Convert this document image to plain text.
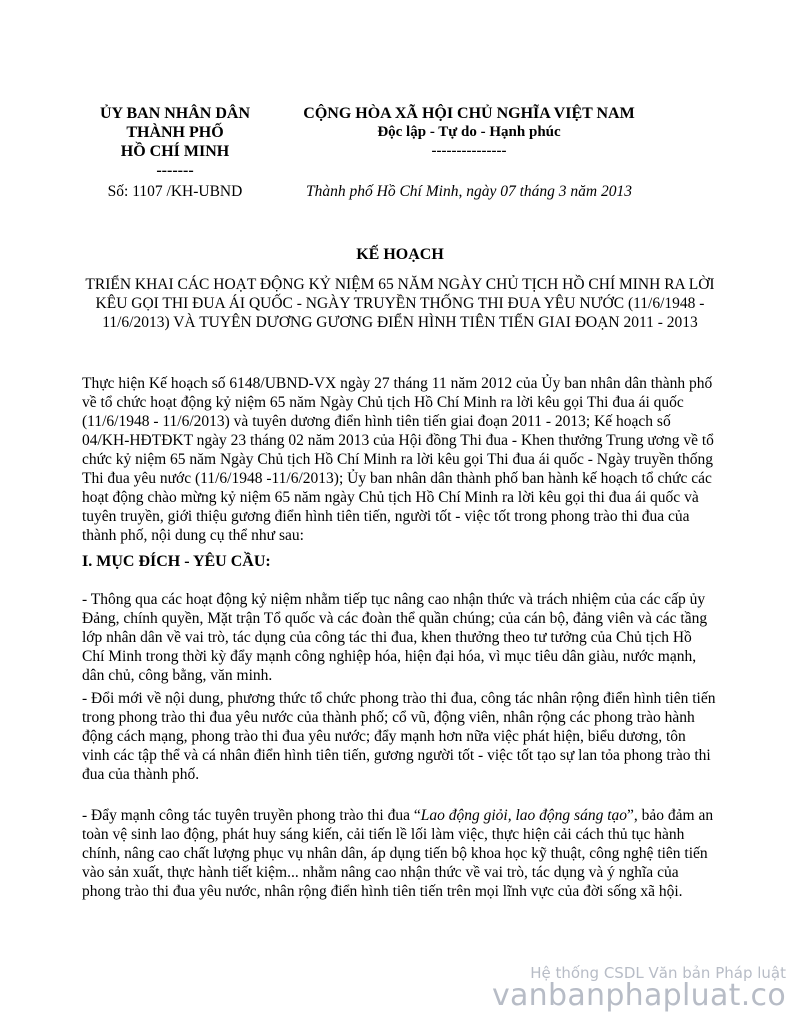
ỦY BAN NHÂN DÂN
THÀNH PHỐ
HỒ CHÍ MINH
-------
CỘNG HÒA XÃ HỘI CHỦ NGHĨA VIỆT NAM
Độc lập - Tự do - Hạnh phúc
---------------
Số: 1107 /KH-UBND	Thành phố Hồ Chí Minh, ngày 07 tháng 3 năm 2013
KẾ HOẠCH
TRIỂN KHAI CÁC HOẠT ĐỘNG KỶ NIỆM 65 NĂM NGÀY CHỦ TỊCH HỒ CHÍ MINH RA LỜI KÊU GỌI THI ĐUA ÁI QUỐC - NGÀY TRUYỀN THỐNG THI ĐUA YÊU NƯỚC (11/6/1948 - 11/6/2013) VÀ TUYÊN DƯƠNG GƯƠNG ĐIỂN HÌNH TIÊN TIẾN GIAI ĐOẠN 2011 - 2013

Thực hiện Kế hoạch số 6148/UBND-VX ngày 27 tháng 11 năm 2012 của Ủy ban nhân dân thành phố về tổ chức hoạt động kỷ niệm 65 năm Ngày Chủ tịch Hồ Chí Minh ra lời kêu gọi Thi đua ái quốc (11/6/1948 - 11/6/2013) và tuyên dương điển hình tiên tiến giai đoạn 2011 - 2013; Kế hoạch số 04/KH-HĐTĐKT ngày 23 tháng 02 năm 2013 của Hội đồng Thi đua - Khen thưởng Trung ương về tổ chức kỷ niệm 65 năm Ngày Chủ tịch Hồ Chí Minh ra lời kêu gọi Thi đua ái quốc - Ngày truyền thống Thi đua yêu nước (11/6/1948 -11/6/2013); Ủy ban nhân dân thành phố ban hành kế hoạch tổ chức các hoạt động chào mừng kỷ niệm 65 năm ngày Chủ tịch Hồ Chí Minh ra lời kêu gọi thi đua ái quốc và tuyên truyền, giới thiệu gương điển hình tiên tiến, người tốt - việc tốt trong phong trào thi đua của thành phố, nội dung cụ thể như sau:

I. MỤC ĐÍCH - YÊU CẦU:

- Thông qua các hoạt động kỷ niệm nhằm tiếp tục nâng cao nhận thức và trách nhiệm của các cấp ủy Đảng, chính quyền, Mặt trận Tổ quốc và các đoàn thể quần chúng; của cán bộ, đảng viên và các tầng lớp nhân dân về vai trò, tác dụng của công tác thi đua, khen thưởng theo tư tưởng của Chủ tịch Hồ Chí Minh trong thời kỳ đẩy mạnh công nghiệp hóa, hiện đại hóa, vì mục tiêu dân giàu, nước mạnh, dân chủ, công bằng, văn minh.

- Đổi mới về nội dung, phương thức tổ chức phong trào thi đua, công tác nhân rộng điển hình tiên tiến trong phong trào thi đua yêu nước của thành phố; cổ vũ, động viên, nhân rộng các phong trào hành động cách mạng, phong trào thi đua yêu nước; đẩy mạnh hơn nữa việc phát hiện, biểu dương, tôn vinh các tập thể và cá nhân điển hình tiên tiến, gương người tốt - việc tốt tạo sự lan tỏa phong trào thi đua của thành phố.

- Đẩy mạnh công tác tuyên truyền phong trào thi đua “Lao động giỏi, lao động sáng tạo”, bảo đảm an toàn vệ sinh lao động, phát huy sáng kiến, cải tiến lề lối làm việc, thực hiện cải cách thủ tục hành chính, nâng cao chất lượng phục vụ nhân dân, áp dụng tiến bộ khoa học kỹ thuật, công nghệ tiên tiến vào sản xuất, thực hành tiết kiệm... nhằm nâng cao nhận thức về vai trò, tác dụng và ý nghĩa của phong trào thi đua yêu nước, nhân rộng điển hình tiên tiến trên mọi lĩnh vực của đời sống xã hội.

Hệ thống CSDL Văn bản Pháp luật
vanbanphapluat.co
